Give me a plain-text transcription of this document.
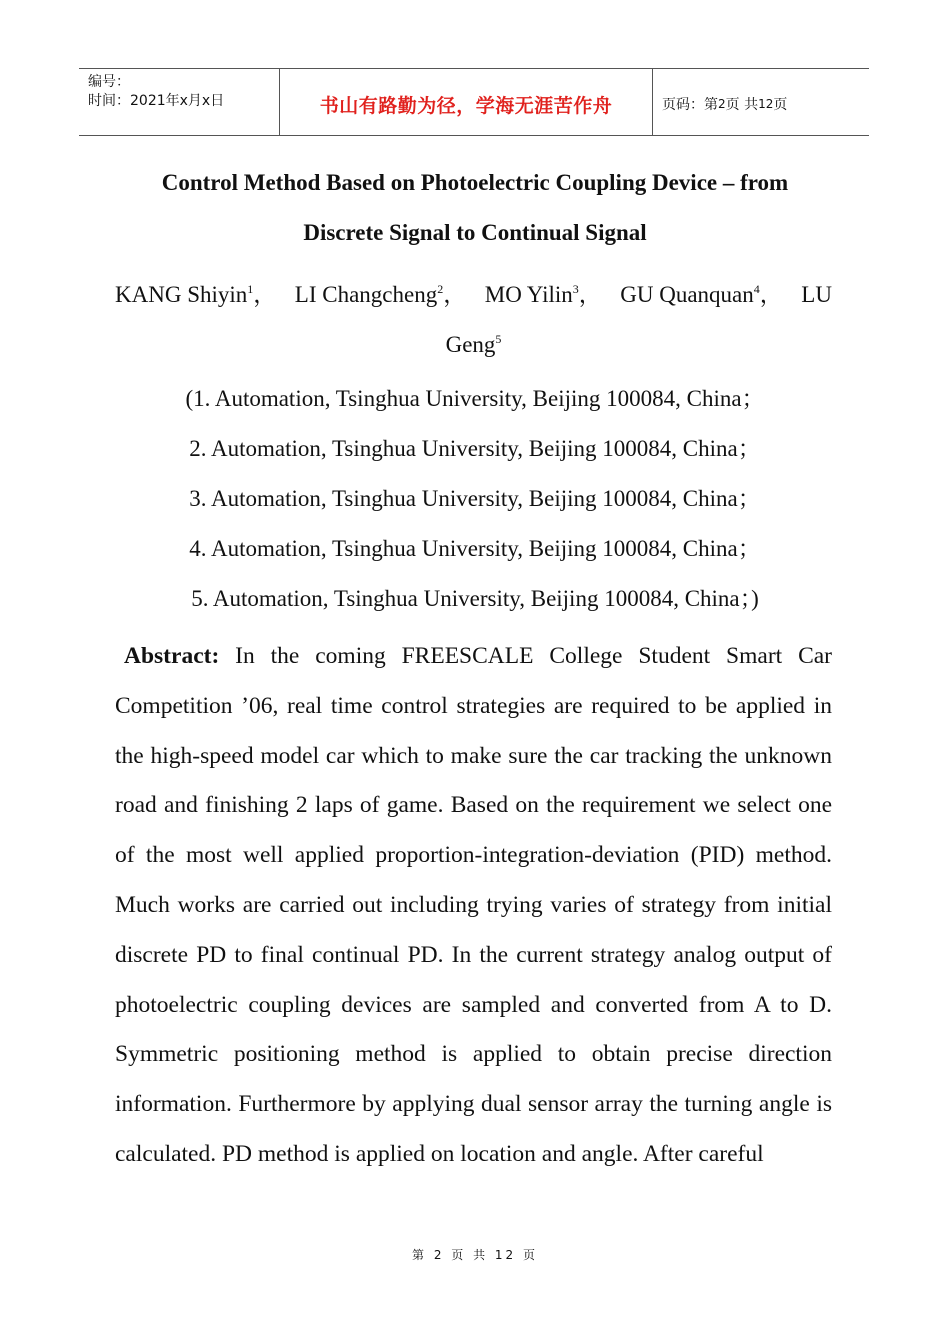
编号：
时间：2021年x月x日	书山有路勤为径，学海无涯苦作舟	页码：第 2 页 共 12 页
Control Method Based on Photoelectric Coupling Device – from
Discrete Signal to Continual Signal
KANG Shiyin$^1$， LI Changcheng$^2$， MO Yilin$^3$， GU Quanquan$^4$， LU
Geng$^5$
(1. Automation, Tsinghua University, Beijing 100084, China；
2. Automation, Tsinghua University, Beijing 100084, China；
3. Automation, Tsinghua University, Beijing 100084, China；
4. Automation, Tsinghua University, Beijing 100084, China；
5. Automation, Tsinghua University, Beijing 100084, China；)
Abstract: In the coming FREESCALE College Student Smart Car Competition ’06, real time control strategies are required to be applied in the high-speed model car which to make sure the car tracking the unknown road and finishing 2 laps of game. Based on the requirement we select one of the most well applied proportion-integration-deviation (PID) method. Much works are carried out including trying varies of strategy from initial discrete PD to final continual PD. In the current strategy analog output of photoelectric coupling devices are sampled and converted from A to D. Symmetric positioning method is applied to obtain precise direction information. Furthermore by applying dual sensor array the turning angle is calculated. PD method is applied on location and angle. After careful
第 2 页 共 12 页
